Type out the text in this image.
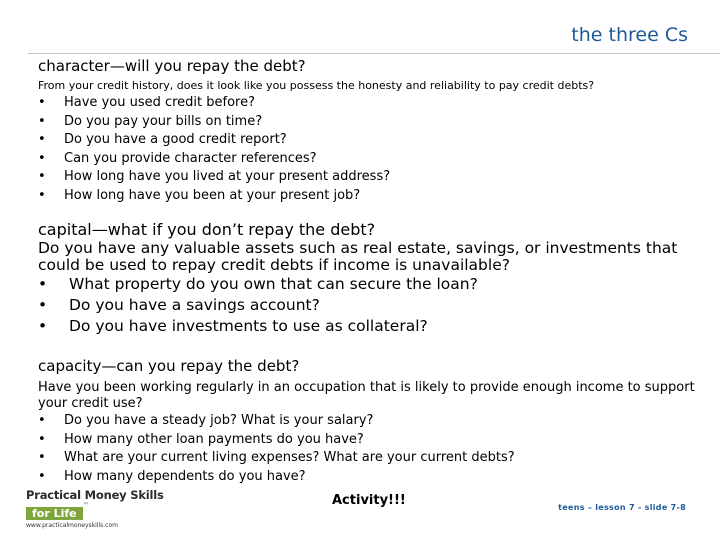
the three Cs
character—will you repay the debt?
From your credit history, does it look like you possess the honesty and reliability to pay credit debts?
• Have you used credit before?
• Do you pay your bills on time?
• Do you have a good credit report?
• Can you provide character references?
• How long have you lived at your present address?
• How long have you been at your present job?
capital—what if you don’t repay the debt?
Do you have any valuable assets such as real estate, savings, or investments that could be used to repay credit debts if income is unavailable?
• What property do you own that can secure the loan?
• Do you have a savings account?
• Do you have investments to use as collateral?
capacity—can you repay the debt?
Have you been working regularly in an occupation that is likely to provide enough income to support your credit use?
• Do you have a steady job? What is your salary?
• How many other loan payments do you have?
• What are your current living expenses? What are your current debts?
• How many dependents do you have?
Practical Money Skills
for Life™
www.practicalmoneyskills.com
Activity!!!	teens – lesson 7 - slide 7-8
